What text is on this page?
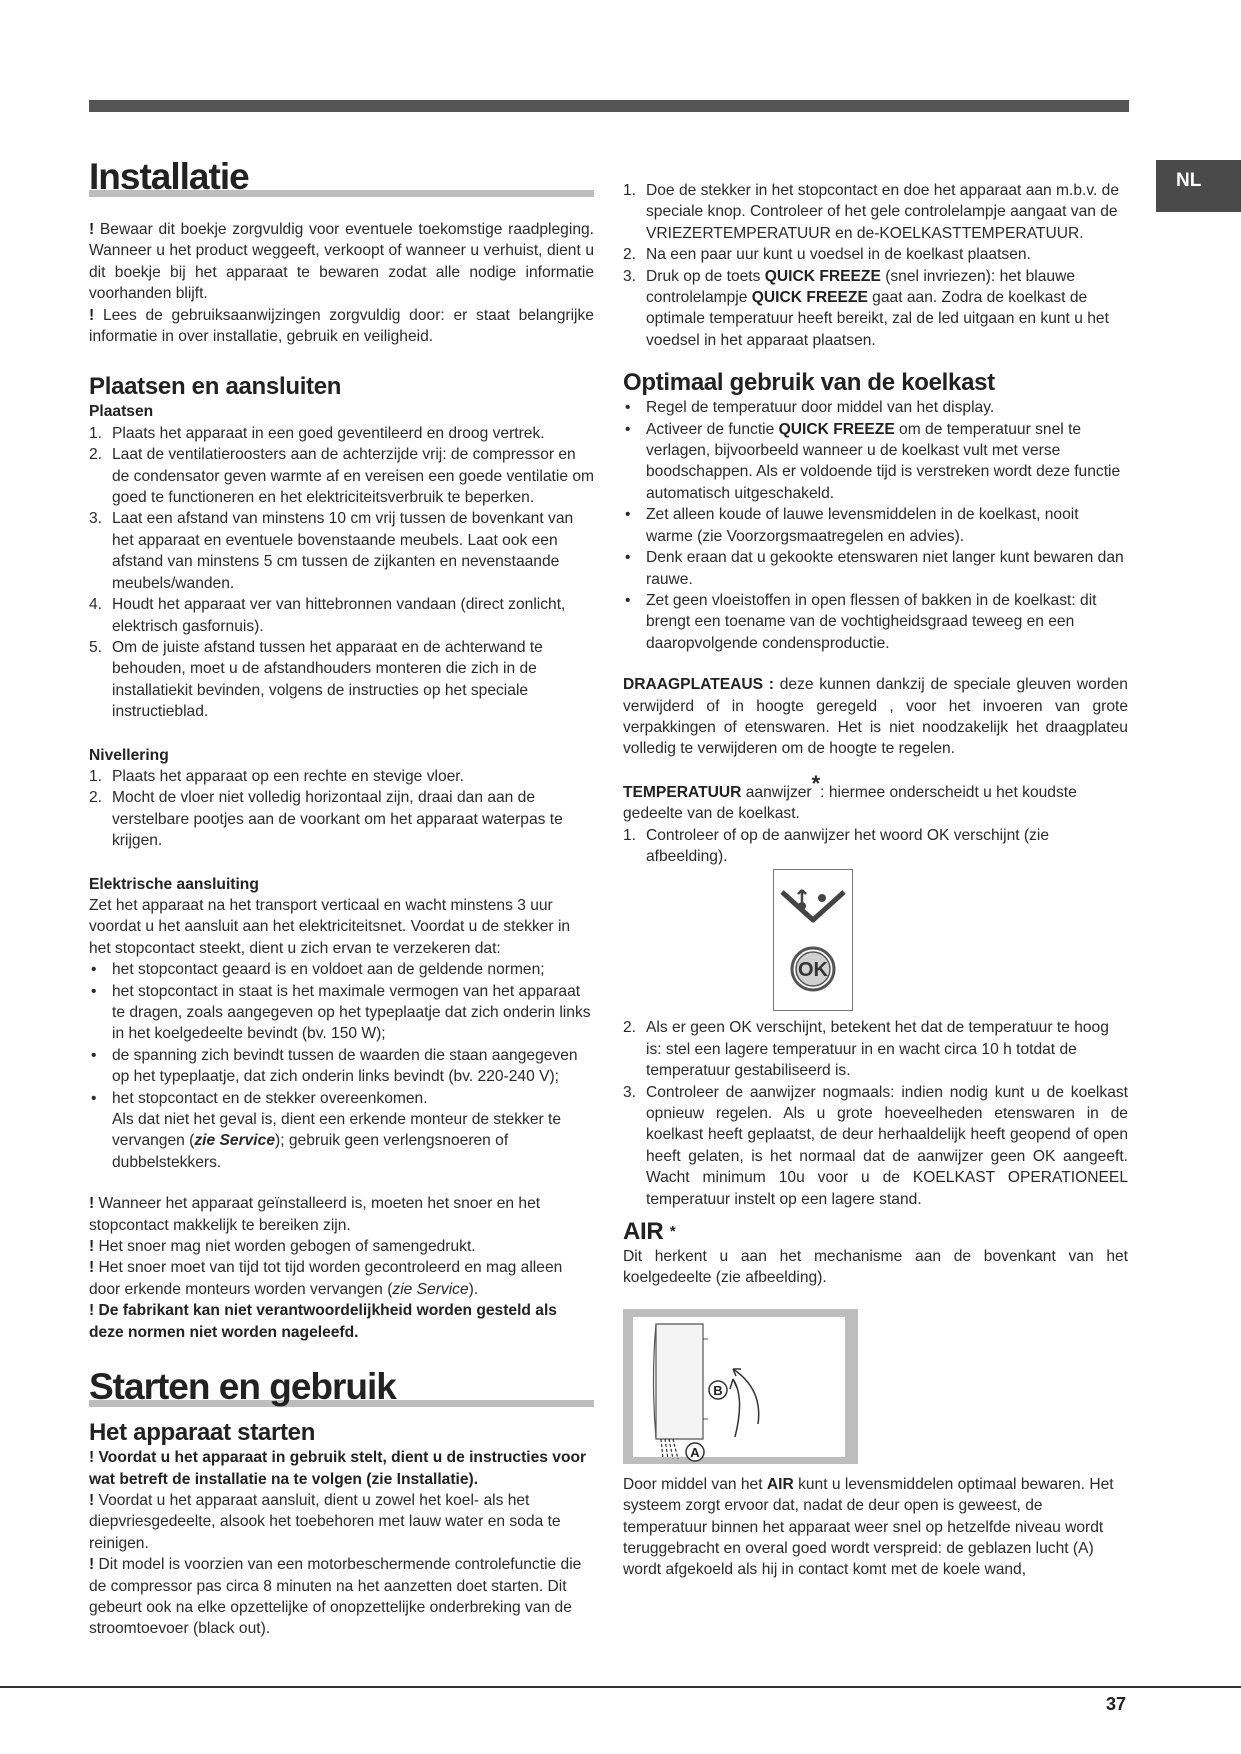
NL
Installatie

! Bewaar dit boekje zorgvuldig voor eventuele toekomstige raadpleging. Wanneer u het product weggeeft, verkoopt of wanneer u verhuist, dient u dit boekje bij het apparaat te bewaren zodat alle nodige informatie voorhanden blijft.

! Lees de gebruiksaanwijzingen zorgvuldig door: er staat belangrijke informatie in over installatie, gebruik en veiligheid.

Plaatsen en aansluiten
Plaatsen
1. Plaats het apparaat in een goed geventileerd en droog vertrek.
2. Laat de ventilatieroosters aan de achterzijde vrij: de compressor en de condensator geven warmte af en vereisen een goede ventilatie om goed te functioneren en het elektriciteitsverbruik te beperken.
3. Laat een afstand van minstens 10 cm vrij tussen de bovenkant van het apparaat en eventuele bovenstaande meubels. Laat ook een afstand van minstens 5 cm tussen de zijkanten en nevenstaande meubels/wanden.
4. Houdt het apparaat ver van hittebronnen vandaan (direct zonlicht, elektrisch gasfornuis).
5. Om de juiste afstand tussen het apparaat en de achterwand te behouden, moet u de afstandhouders monteren die zich in de installatiekit bevinden, volgens de instructies op het speciale instructieblad.
Nivellering
1. Plaats het apparaat op een rechte en stevige vloer.
2. Mocht de vloer niet volledig horizontaal zijn, draai dan aan de verstelbare pootjes aan de voorkant om het apparaat waterpas te krijgen.
Elektrische aansluiting

Zet het apparaat na het transport verticaal en wacht minstens 3 uur voordat u het aansluit aan het elektriciteitsnet. Voordat u de stekker in het stopcontact steekt, dient u zich ervan te verzekeren dat:

• het stopcontact geaard is en voldoet aan de geldende normen;
• het stopcontact in staat is het maximale vermogen van het apparaat te dragen, zoals aangegeven op het typeplaatje dat zich onderin links in het koelgedeelte bevindt (bv. 150 W);
• de spanning zich bevindt tussen de waarden die staan aangegeven op het typeplaatje, dat zich onderin links bevindt (bv. 220-240 V);
• het stopcontact en de stekker overeenkomen.

Als dat niet het geval is, dient een erkende monteur de stekker te vervangen (zie Service); gebruik geen verlengsnoeren of dubbelstekkers.

! Wanneer het apparaat geïnstalleerd is, moeten het snoer en het stopcontact makkelijk te bereiken zijn.

! Het snoer mag niet worden gebogen of samengedrukt.

! Het snoer moet van tijd tot tijd worden gecontroleerd en mag alleen door erkende monteurs worden vervangen (zie Service).

! De fabrikant kan niet verantwoordelijkheid worden gesteld als deze normen niet worden nageleefd.

Starten en gebruik
Het apparaat starten

! Voordat u het apparaat in gebruik stelt, dient u de instructies voor wat betreft de installatie na te volgen (zie Installatie).

! Voordat u het apparaat aansluit, dient u zowel het koel- als het diepvriesgedeelte, alsook het toebehoren met lauw water en soda te reinigen.

! Dit model is voorzien van een motorbeschermende controlefunctie die de compressor pas circa 8 minuten na het aanzetten doet starten. Dit gebeurt ook na elke opzettelijke of onopzettelijke onderbreking van de stroomtoevoer (black out).

1. Doe de stekker in het stopcontact en doe het apparaat aan m.b.v. de speciale knop. Controleer of het gele controlelampje aangaat van de VRIEZERTEMPERATUUR en de-KOELKASTTEMPERATUUR.
2. Na een paar uur kunt u voedsel in de koelkast plaatsen.
3. Druk op de toets QUICK FREEZE (snel invriezen): het blauwe controlelampje QUICK FREEZE gaat aan. Zodra de koelkast de optimale temperatuur heeft bereikt, zal de led uitgaan en kunt u het voedsel in het apparaat plaatsen.
Optimaal gebruik van de koelkast
• Regel de temperatuur door middel van het display.
• Activeer de functie QUICK FREEZE om de temperatuur snel te verlagen, bijvoorbeeld wanneer u de koelkast vult met verse boodschappen. Als er voldoende tijd is verstreken wordt deze functie automatisch uitgeschakeld.
• Zet alleen koude of lauwe levensmiddelen in de koelkast, nooit warme (zie Voorzorgsmaatregelen en advies).
• Denk eraan dat u gekookte etenswaren niet langer kunt bewaren dan rauwe.
• Zet geen vloeistoffen in open flessen of bakken in de koelkast: dit brengt een toename van de vochtigheidsgraad teweeg en een daaropvolgende condensproductie.

DRAAGPLATEAUS : deze kunnen dankzij de speciale gleuven worden verwijderd of in hoogte geregeld , voor het invoeren van grote verpakkingen of etenswaren. Het is niet noodzakelijk het draagplateu volledig te verwijderen om de hoogte te regelen.

TEMPERATUUR aanwijzer*: hiermee onderscheidt u het koudste gedeelte van de koelkast.

1. Controleer of op de aanwijzer het woord OK verschijnt (zie afbeelding).
OK
2. Als er geen OK verschijnt, betekent het dat de temperatuur te hoog is: stel een lagere temperatuur in en wacht circa 10 h totdat de temperatuur gestabiliseerd is.
3. Controleer de aanwijzer nogmaals: indien nodig kunt u de koelkast opnieuw regelen. Als u grote hoeveelheden etenswaren in de koelkast heeft geplaatst, de deur herhaaldelijk heeft geopend of open heeft gelaten, is het normaal dat de aanwijzer geen OK aangeeft. Wacht minimum 10u voor u de KOELKAST OPERATIONEEL temperatuur instelt op een lagere stand.
AIR *

Dit herkent u aan het mechanisme aan de bovenkant van het koelgedeelte (zie afbeelding).

B
A

Door middel van het AIR kunt u levensmiddelen optimaal bewaren. Het systeem zorgt ervoor dat, nadat de deur open is geweest, de temperatuur binnen het apparaat weer snel op hetzelfde niveau wordt teruggebracht en overal goed wordt verspreid: de geblazen lucht (A) wordt afgekoeld als hij in contact komt met de koele wand,

37
